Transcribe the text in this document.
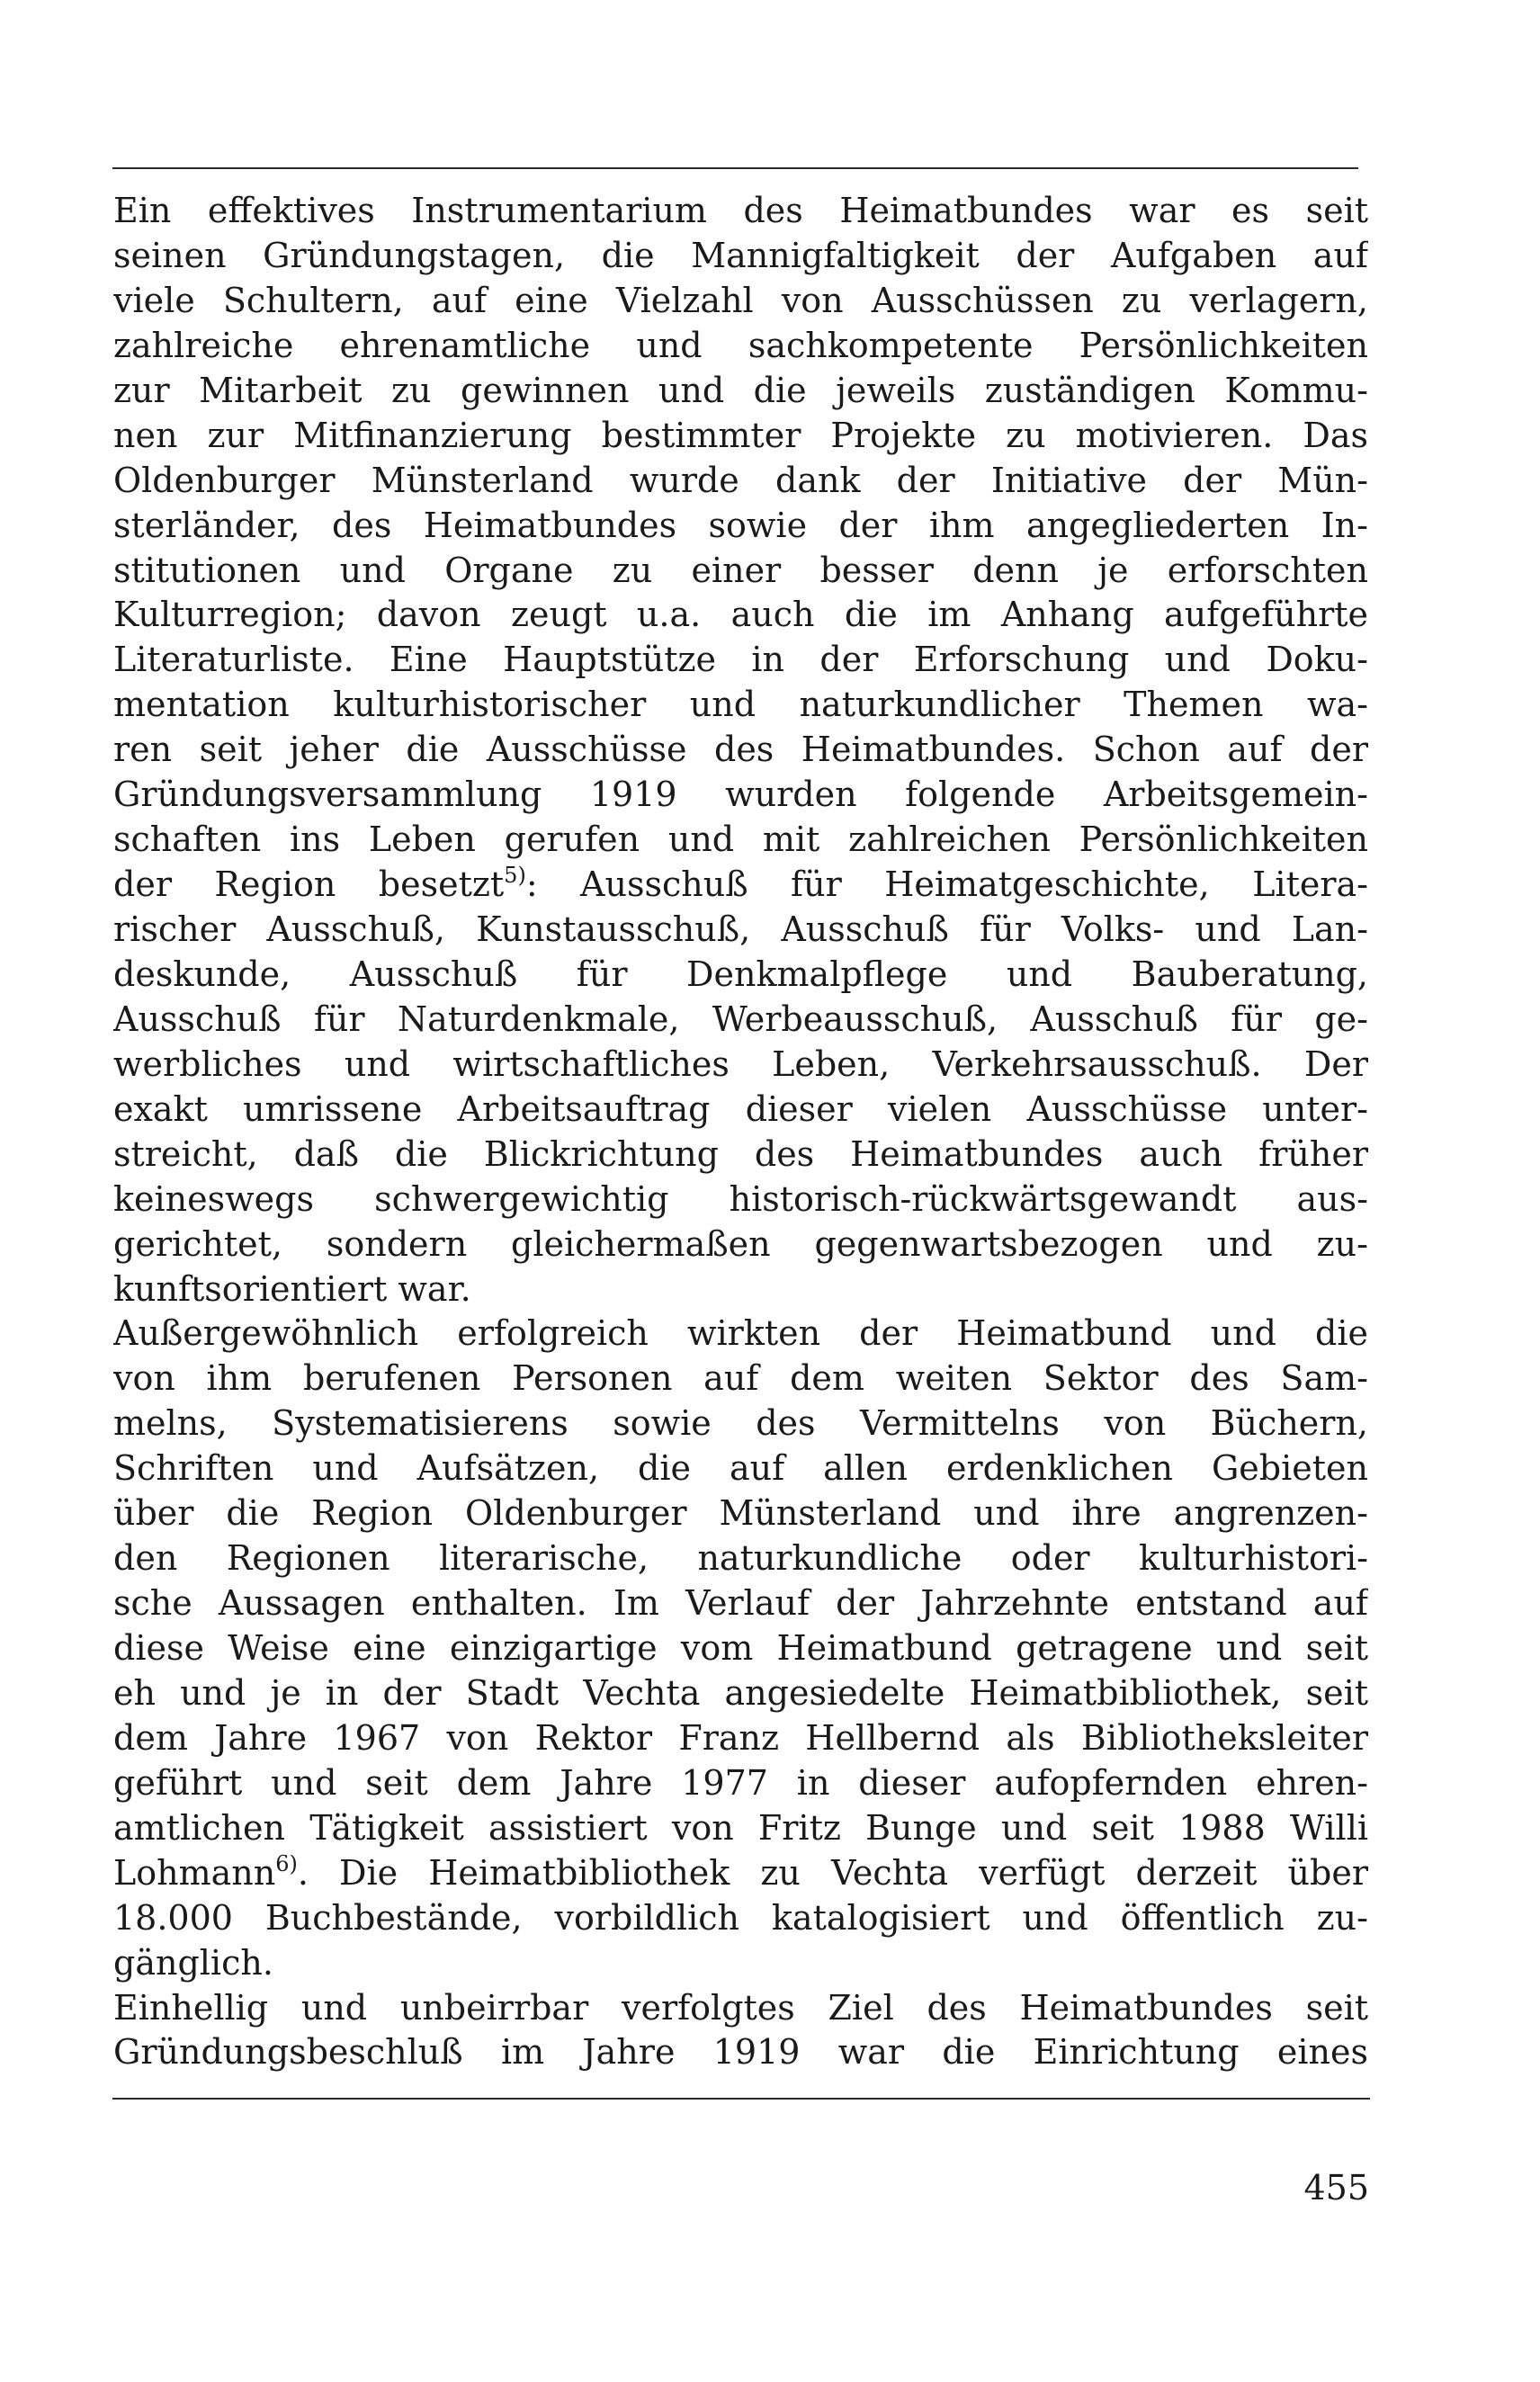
Ein effektives Instrumentarium des Heimatbundes war es seit
seinen Gründungstagen, die Mannigfaltigkeit der Aufgaben auf
viele Schultern, auf eine Vielzahl von Ausschüssen zu verlagern,
zahlreiche ehrenamtliche und sachkompetente Persönlichkeiten
zur Mitarbeit zu gewinnen und die jeweils zuständigen Kommu-
nen zur Mitfinanzierung bestimmter Projekte zu motivieren. Das
Oldenburger Münsterland wurde dank der Initiative der Mün-
sterländer, des Heimatbundes sowie der ihm angegliederten In-
stitutionen und Organe zu einer besser denn je erforschten
Kulturregion; davon zeugt u.a. auch die im Anhang aufgeführte
Literaturliste. Eine Hauptstütze in der Erforschung und Doku-
mentation kulturhistorischer und naturkundlicher Themen wa-
ren seit jeher die Ausschüsse des Heimatbundes. Schon auf der
Gründungsversammlung 1919 wurden folgende Arbeitsgemein-
schaften ins Leben gerufen und mit zahlreichen Persönlichkeiten
der Region besetzt$^{5)}$: Ausschuß für Heimatgeschichte, Litera-
rischer Ausschuß, Kunstausschuß, Ausschuß für Volks- und Lan-
deskunde, Ausschuß für Denkmalpflege und Bauberatung,
Ausschuß für Naturdenkmale, Werbeausschuß, Ausschuß für ge-
werbliches und wirtschaftliches Leben, Verkehrsausschuß. Der
exakt umrissene Arbeitsauftrag dieser vielen Ausschüsse unter-
streicht, daß die Blickrichtung des Heimatbundes auch früher
keineswegs schwergewichtig historisch-rückwärtsgewandt aus-
gerichtet, sondern gleichermaßen gegenwartsbezogen und zu-
kunftsorientiert war.
Außergewöhnlich erfolgreich wirkten der Heimatbund und die
von ihm berufenen Personen auf dem weiten Sektor des Sam-
melns, Systematisierens sowie des Vermittelns von Büchern,
Schriften und Aufsätzen, die auf allen erdenklichen Gebieten
über die Region Oldenburger Münsterland und ihre angrenzen-
den Regionen literarische, naturkundliche oder kulturhistori-
sche Aussagen enthalten. Im Verlauf der Jahrzehnte entstand auf
diese Weise eine einzigartige vom Heimatbund getragene und seit
eh und je in der Stadt Vechta angesiedelte Heimatbibliothek, seit
dem Jahre 1967 von Rektor Franz Hellbernd als Bibliotheksleiter
geführt und seit dem Jahre 1977 in dieser aufopfernden ehren-
amtlichen Tätigkeit assistiert von Fritz Bunge und seit 1988 Willi
Lohmann$^{6)}$. Die Heimatbibliothek zu Vechta verfügt derzeit über
18.000 Buchbestände, vorbildlich katalogisiert und öffentlich zu-
gänglich.
Einhellig und unbeirrbar verfolgtes Ziel des Heimatbundes seit
Gründungsbeschluß im Jahre 1919 war die Einrichtung eines
455
